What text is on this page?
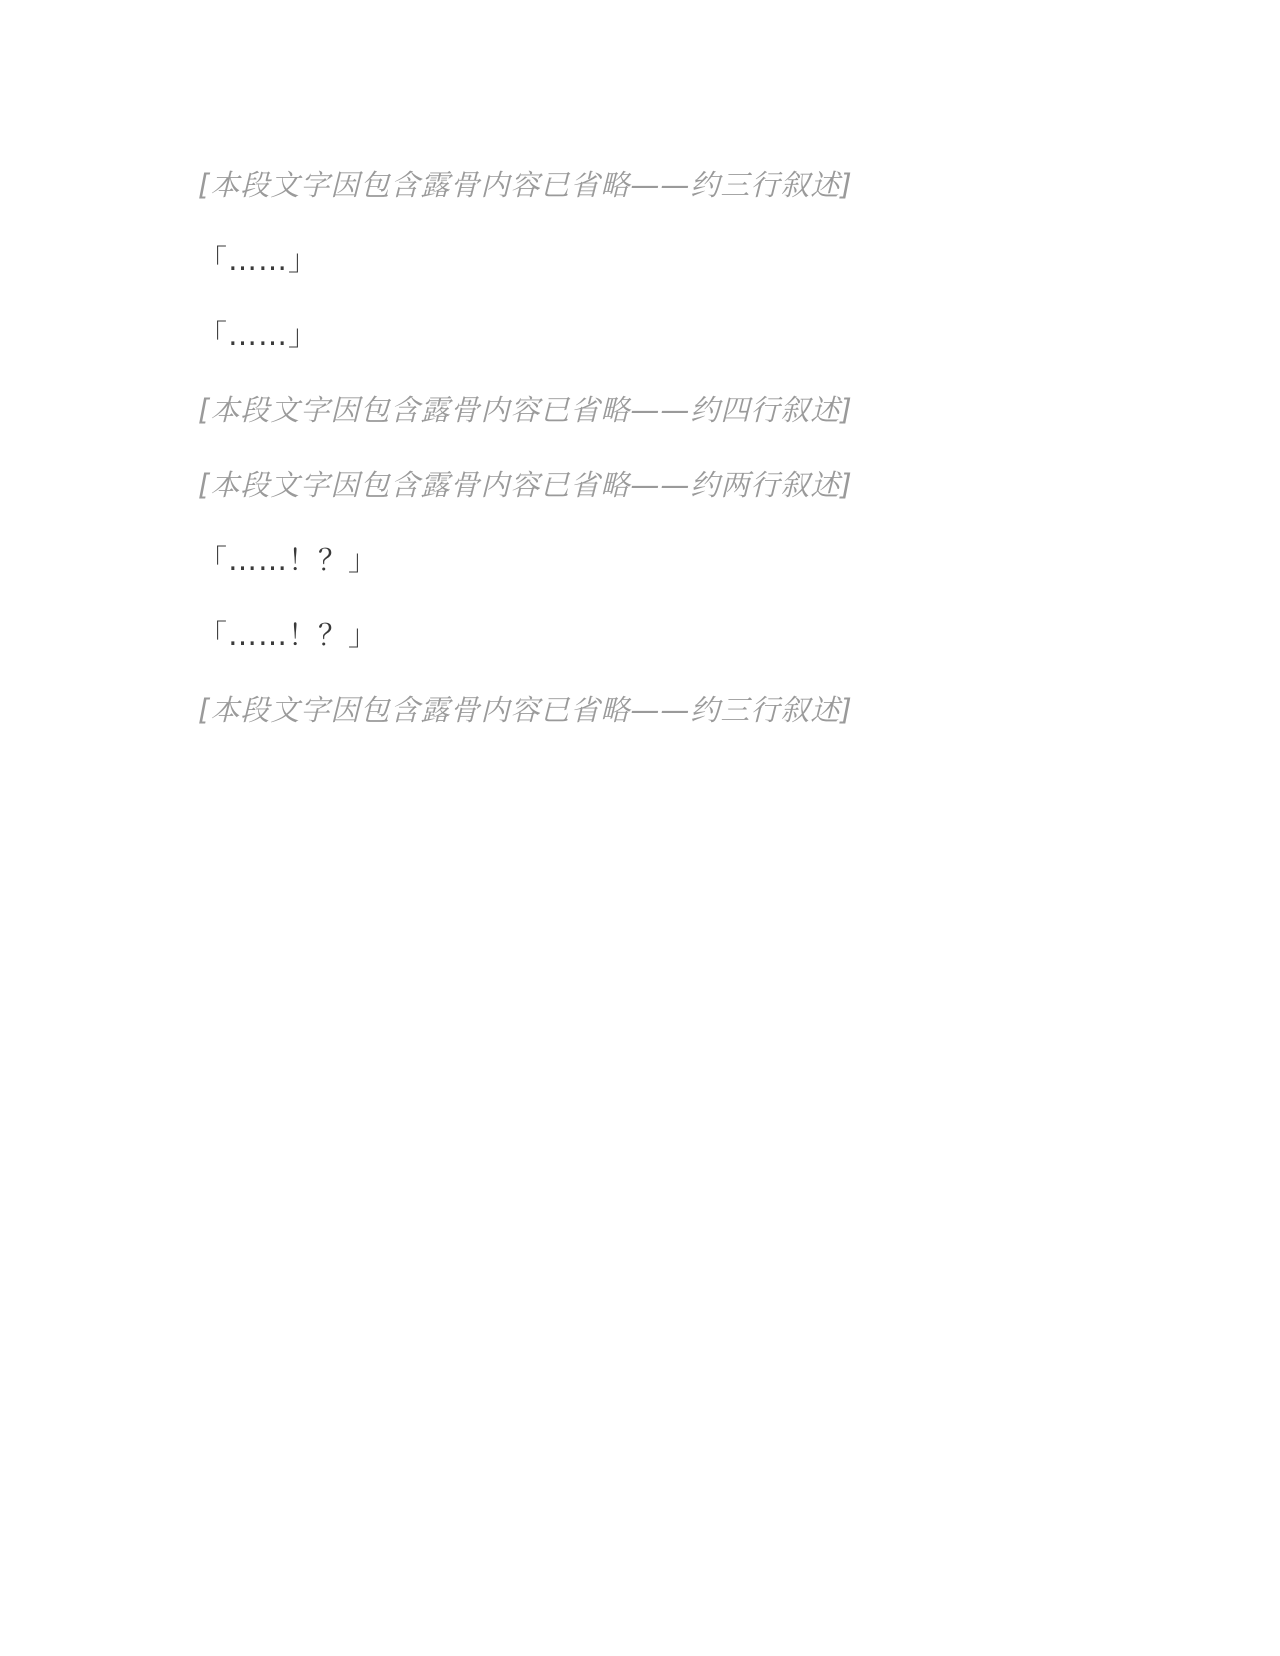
[本段文字因包含露骨内容已省略——约三行叙述]

「……」

「……」

[本段文字因包含露骨内容已省略——约四行叙述]

[本段文字因包含露骨内容已省略——约两行叙述]

「……！？」

「……！？」

[本段文字因包含露骨内容已省略——约三行叙述]
